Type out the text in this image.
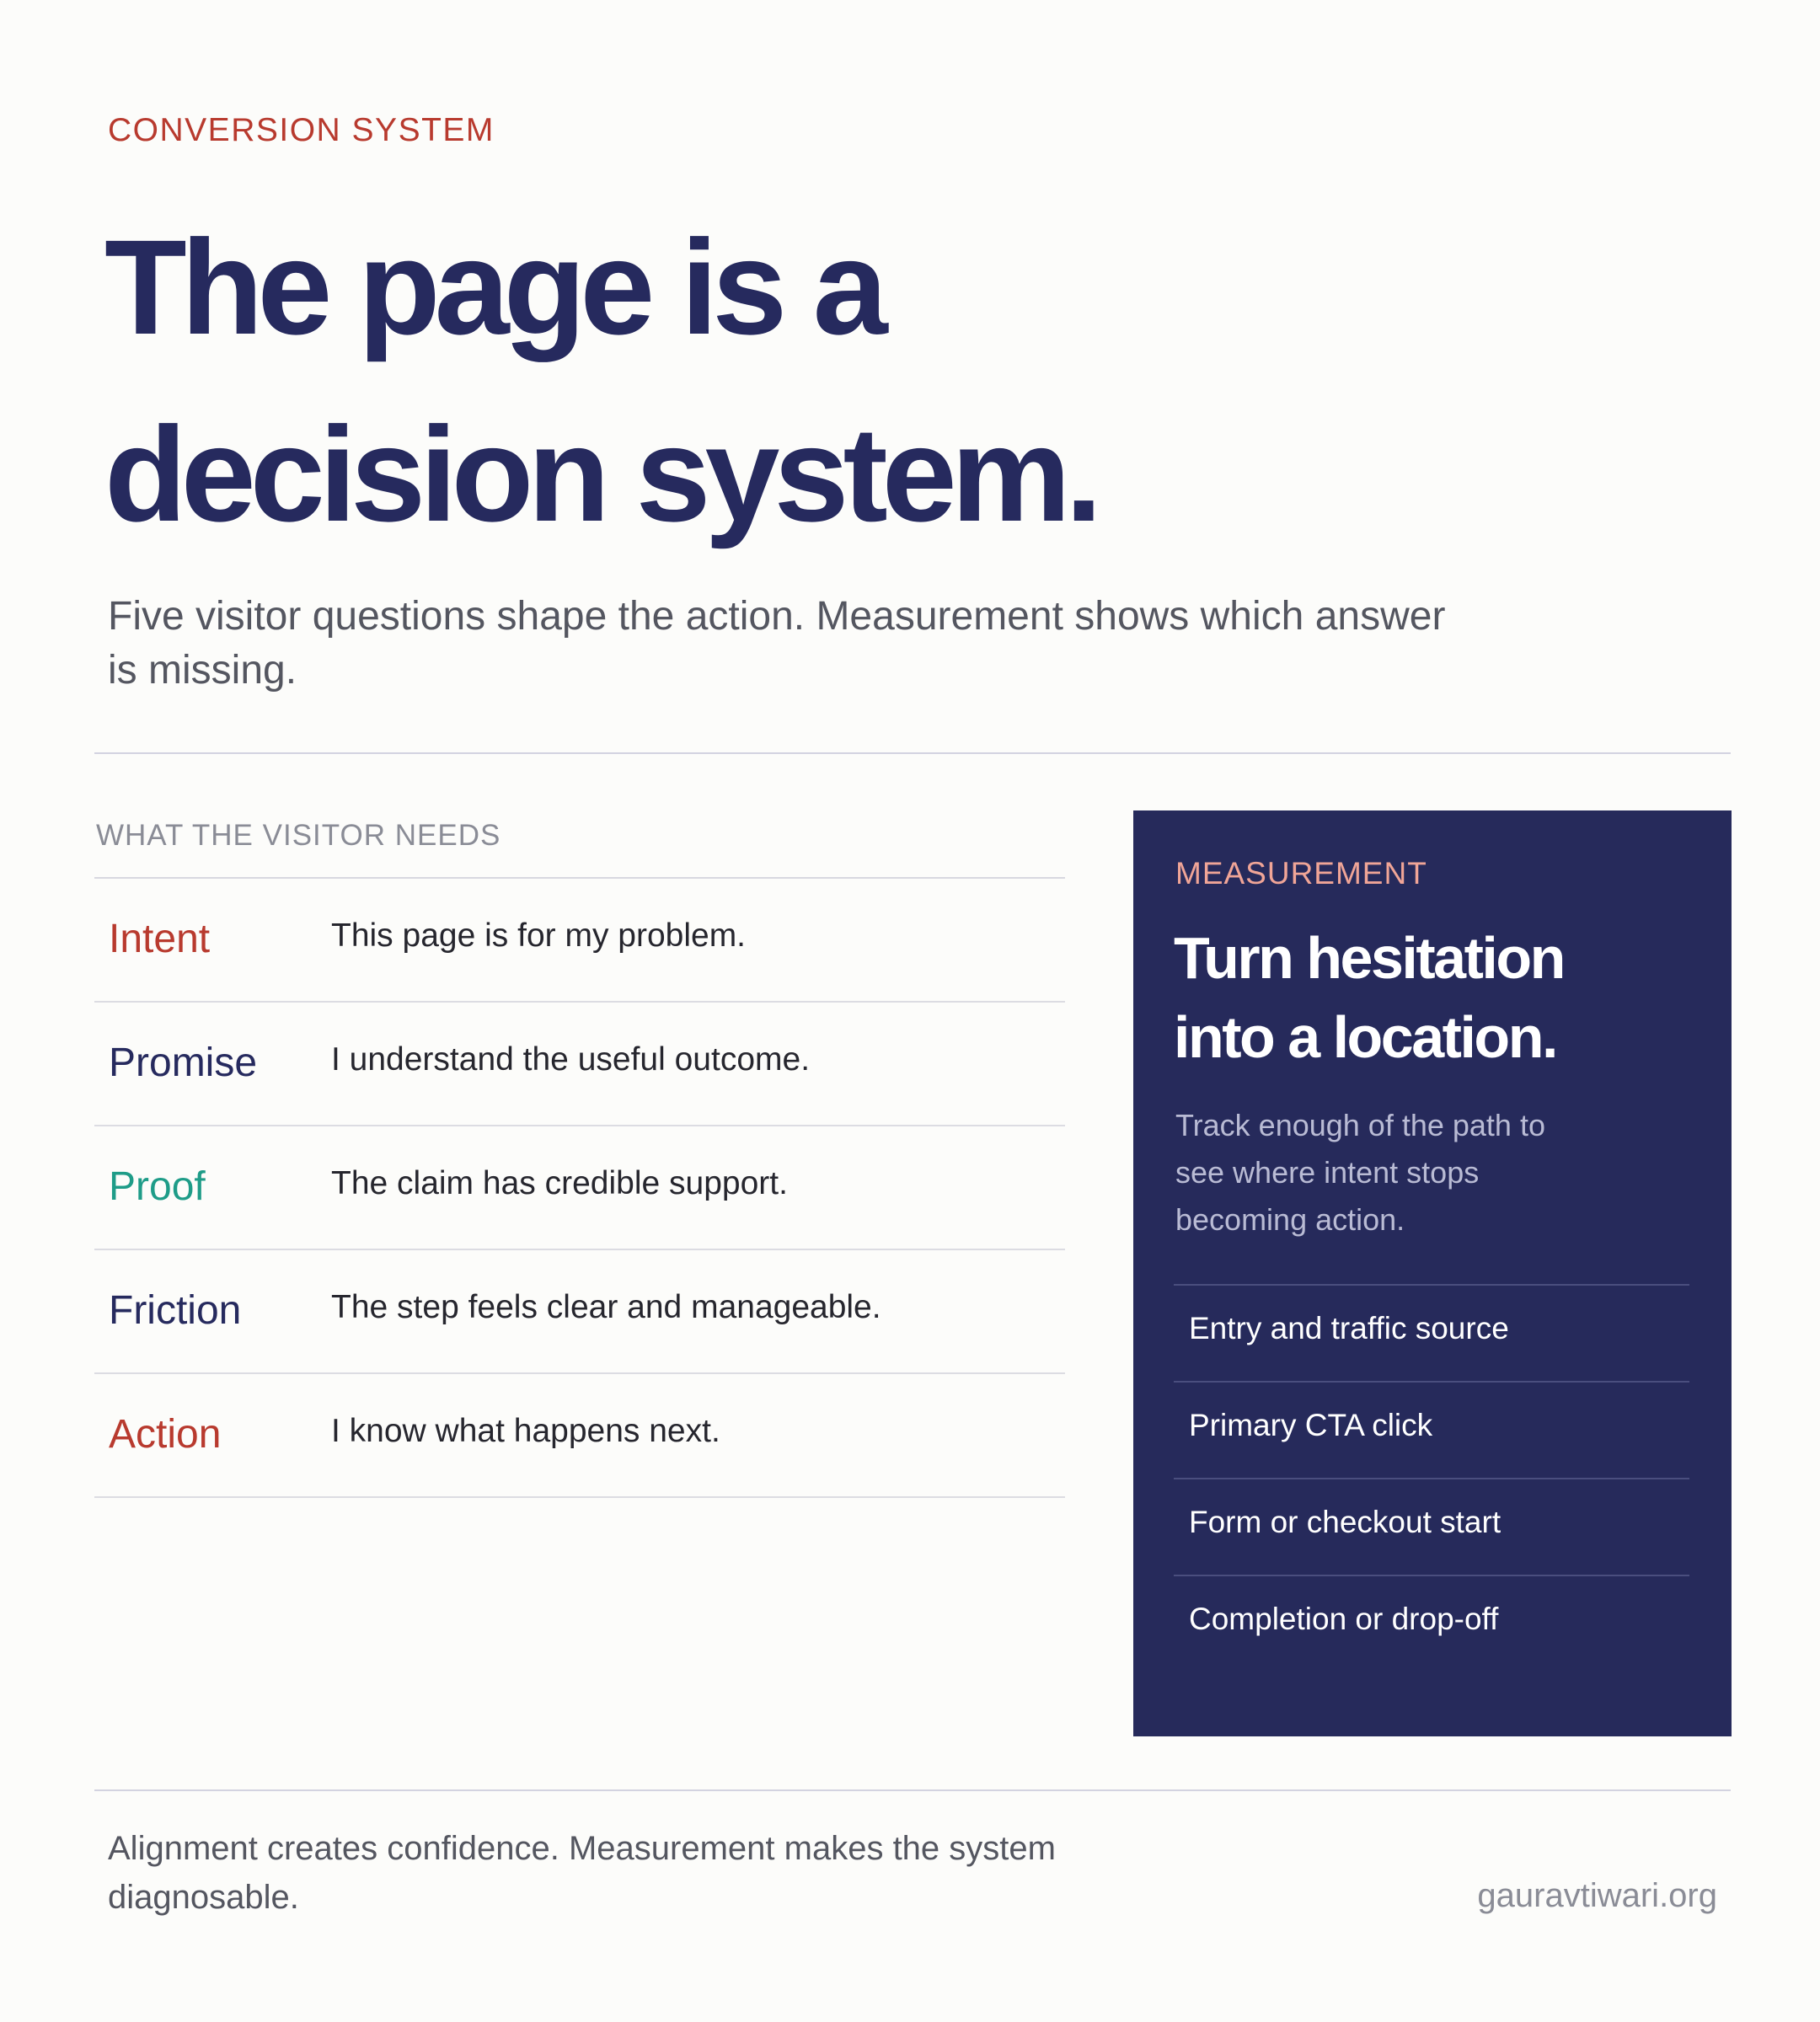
CONVERSION SYSTEM
The page is a
decision system.

Five visitor questions shape the action. Measurement shows which answer is missing.

WHAT THE VISITOR NEEDS
Intent	This page is for my problem.
Promise I understand the useful outcome.
Proof	The claim has credible support.
Friction	The step feels clear and manageable.
Action	I know what happens next.
MEASUREMENT
Turn hesitation
into a location.

Track enough of the path to see where intent stops becoming action.

Entry and traffic source
Primary CTA click
Form or checkout start
Completion or drop-off

Alignment creates confidence. Measurement makes the system diagnosable.	gauravtiwari.org
